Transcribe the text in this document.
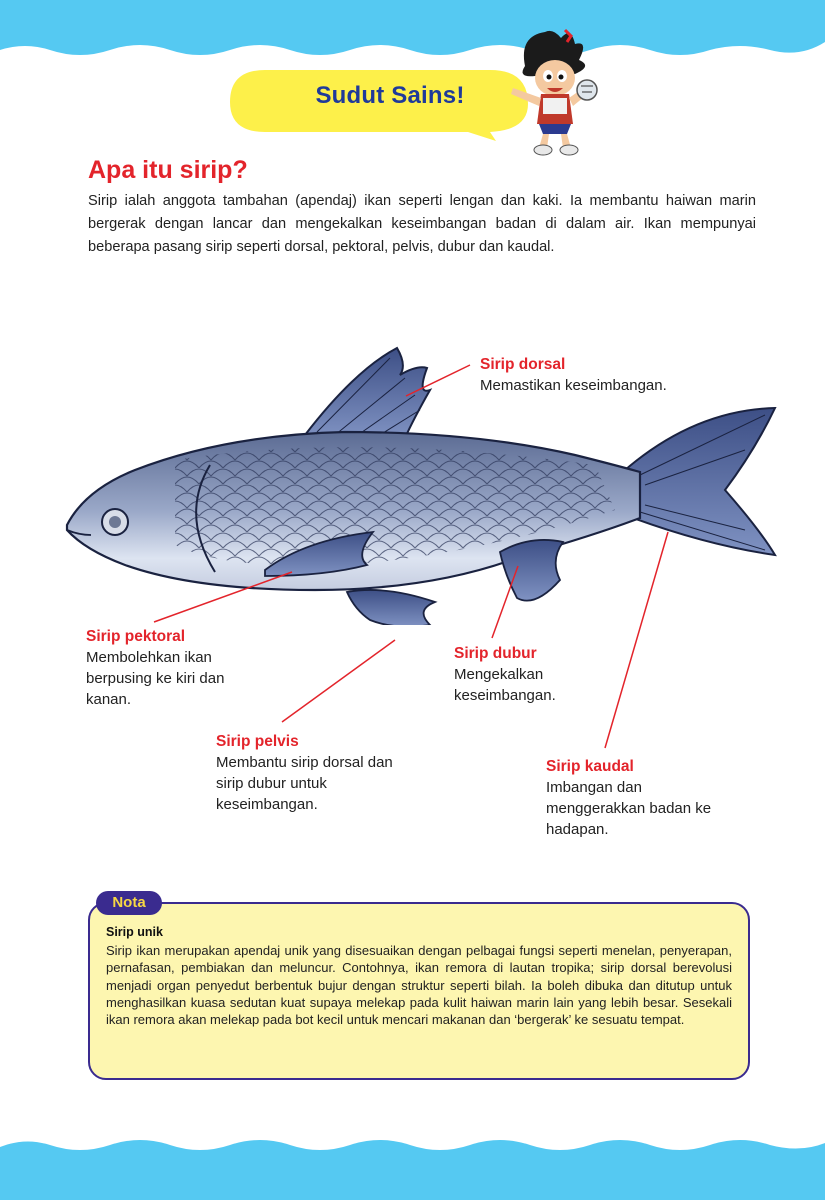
Sudut Sains!
Apa itu sirip?
Sirip ialah anggota tambahan (apendaj) ikan seperti lengan dan kaki. Ia membantu haiwan marin bergerak dengan lancar dan mengekalkan keseimbangan badan di dalam air. Ikan mempunyai beberapa pasang sirip seperti dorsal, pektoral, pelvis, dubur dan kaudal.
Sirip dorsal
Memastikan keseimbangan.
Sirip pektoral
Membolehkan ikan berpusing ke kiri dan kanan.
Sirip dubur
Mengekalkan keseimbangan.
Sirip pelvis
Membantu sirip dorsal dan sirip dubur untuk keseimbangan.
Sirip kaudal
Imbangan dan menggerakkan badan ke hadapan.
Nota
Sirip unik
Sirip ikan merupakan apendaj unik yang disesuaikan dengan pelbagai fungsi seperti menelan, penyerapan, pernafasan, pembiakan dan meluncur. Contohnya, ikan remora di lautan tropika; sirip dorsal berevolusi menjadi organ penyedut berbentuk bujur dengan struktur seperti bilah. Ia boleh dibuka dan ditutup untuk menghasilkan kuasa sedutan kuat supaya melekap pada kulit haiwan marin lain yang lebih besar. Sesekali ikan remora akan melekap pada bot kecil untuk mencari makanan dan ‘bergerak’ ke sesuatu tempat.
